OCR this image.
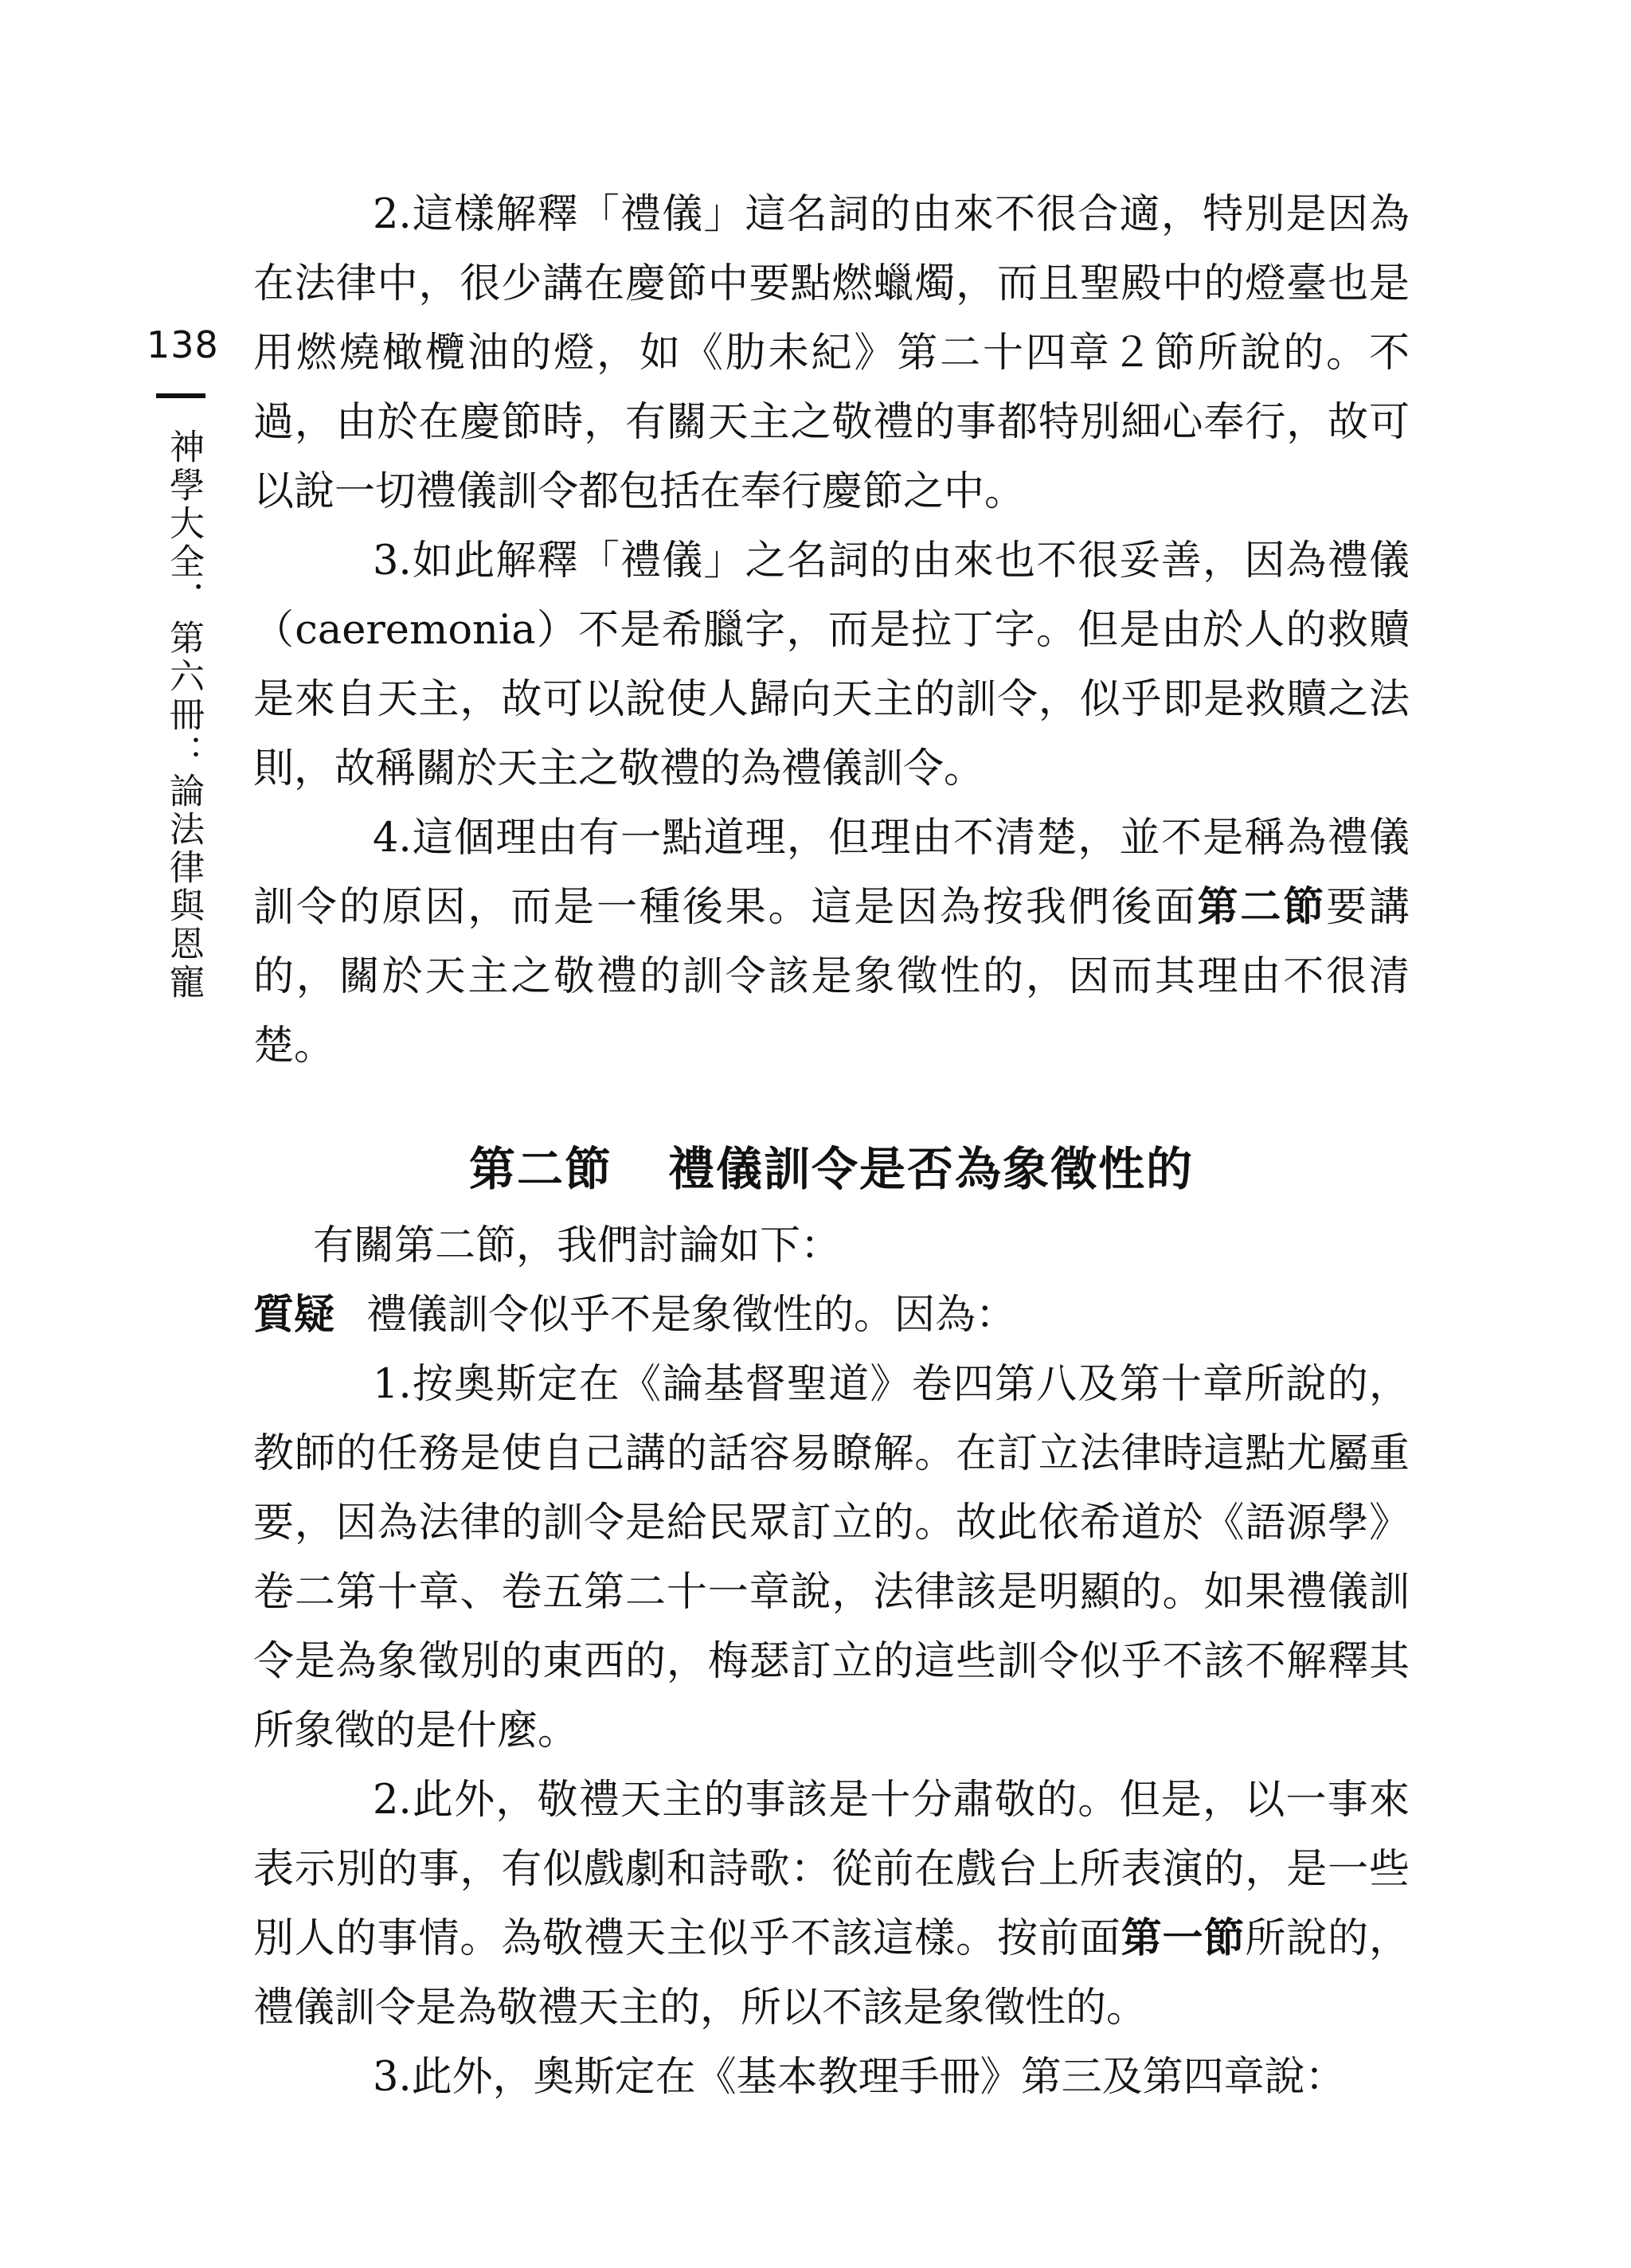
138
神學大全．第六冊：論法律與恩寵

2.這樣解釋「禮儀」這名詞的由來不很合適，特別是因為在法律中，很少講在慶節中要點燃蠟燭，而且聖殿中的燈臺也是用燃燒橄欖油的燈，如《肋未紀》第二十四章２節所說的。不過，由於在慶節時，有關天主之敬禮的事都特別細心奉行，故可以說一切禮儀訓令都包括在奉行慶節之中。

3.如此解釋「禮儀」之名詞的由來也不很妥善，因為禮儀（caeremonia）不是希臘字，而是拉丁字。但是由於人的救贖是來自天主，故可以說使人歸向天主的訓令，似乎即是救贖之法則，故稱關於天主之敬禮的為禮儀訓令。

4.這個理由有一點道理，但理由不清楚，並不是稱為禮儀訓令的原因，而是一種後果。這是因為按我們後面第二節要講的，關於天主之敬禮的訓令該是象徵性的，因而其理由不很清楚。

第二節 禮儀訓令是否為象徵性的

有關第二節，我們討論如下：

質疑 禮儀訓令似乎不是象徵性的。因為：

1.按奧斯定在《論基督聖道》卷四第八及第十章所說的，教師的任務是使自己講的話容易瞭解。在訂立法律時這點尤屬重要，因為法律的訓令是給民眾訂立的。故此依希道於《語源學》卷二第十章、卷五第二十一章說，法律該是明顯的。如果禮儀訓令是為象徵別的東西的，梅瑟訂立的這些訓令似乎不該不解釋其所象徵的是什麼。

2.此外，敬禮天主的事該是十分肅敬的。但是，以一事來表示別的事，有似戲劇和詩歌：從前在戲台上所表演的，是一些別人的事情。為敬禮天主似乎不該這樣。按前面第一節所說的，禮儀訓令是為敬禮天主的，所以不該是象徵性的。

3.此外，奧斯定在《基本教理手冊》第三及第四章說：
